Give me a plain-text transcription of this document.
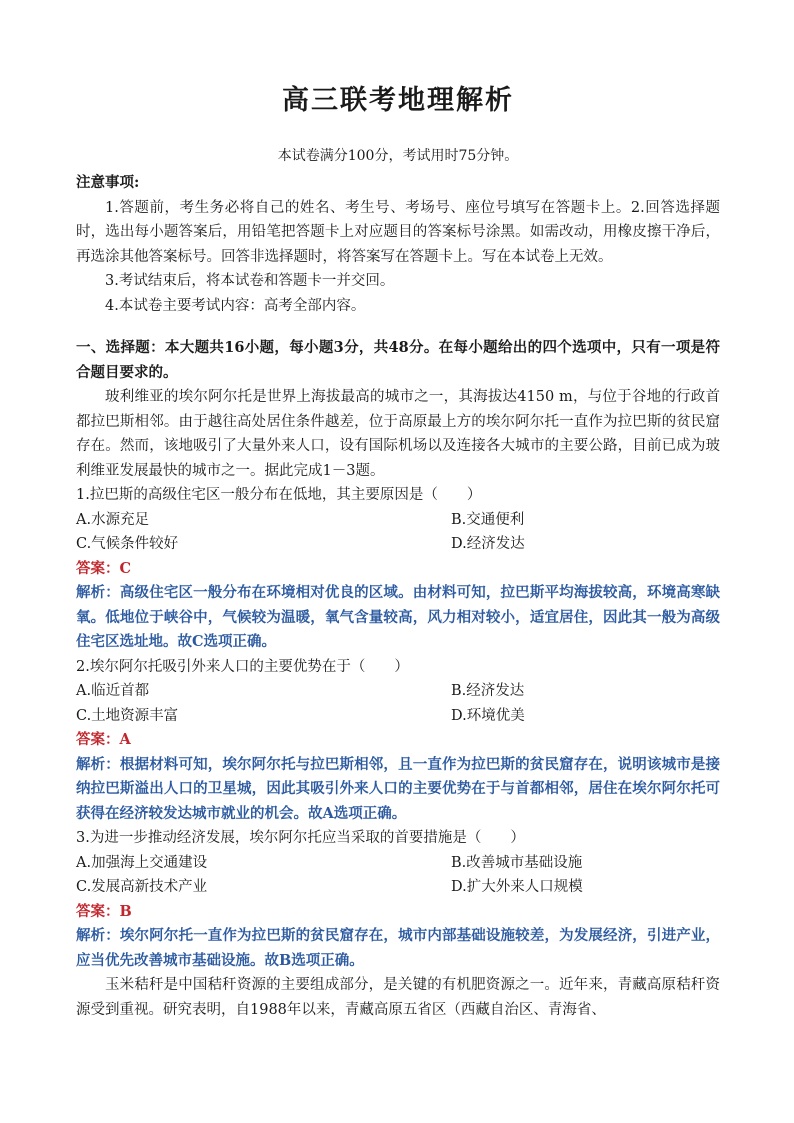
高三联考地理解析
本试卷满分100分，考试用时75分钟。

注意事项:

1.答题前，考生务必将自己的姓名、考生号、考场号、座位号填写在答题卡上。2.回答选择题时，选出每小题答案后，用铅笔把答题卡上对应题目的答案标号涂黑。如需改动，用橡皮擦干净后，再选涂其他答案标号。回答非选择题时，将答案写在答题卡上。写在本试卷上无效。

3.考试结束后，将本试卷和答题卡一并交回。

4.本试卷主要考试内容：高考全部内容。

一、选择题：本大题共16小题，每小题3分，共48分。在每小题给出的四个选项中，只有一项是符合题目要求的。

玻利维亚的埃尔阿尔托是世界上海拔最高的城市之一，其海拔达4150 m，与位于谷地的行政首都拉巴斯相邻。由于越往高处居住条件越差，位于高原最上方的埃尔阿尔托一直作为拉巴斯的贫民窟存在。然而，该地吸引了大量外来人口，设有国际机场以及连接各大城市的主要公路，目前已成为玻利维亚发展最快的城市之一。据此完成1－3题。

1.拉巴斯的高级住宅区一般分布在低地，其主要原因是（　　）

A.水源充足	B.交通便利
C.气候条件较好	D.经济发达
答案：C
解析：高级住宅区一般分布在环境相对优良的区域。由材料可知，拉巴斯平均海拔较高，环境高寒缺氧。低地位于峡谷中，气候较为温暖，氧气含量较高，风力相对较小，适宜居住，因此其一般为高级住宅区选址地。故C选项正确。

2.埃尔阿尔托吸引外来人口的主要优势在于（　　）

A.临近首都	B.经济发达
C.土地资源丰富	D.环境优美
答案：A
解析：根据材料可知，埃尔阿尔托与拉巴斯相邻，且一直作为拉巴斯的贫民窟存在，说明该城市是接纳拉巴斯溢出人口的卫星城，因此其吸引外来人口的主要优势在于与首都相邻，居住在埃尔阿尔托可获得在经济较发达城市就业的机会。故A选项正确。

3.为进一步推动经济发展，埃尔阿尔托应当采取的首要措施是（　　）

A.加强海上交通建设	B.改善城市基础设施
C.发展高新技术产业	D.扩大外来人口规模
答案：B
解析：埃尔阿尔托一直作为拉巴斯的贫民窟存在，城市内部基础设施较差，为发展经济，引进产业，应当优先改善城市基础设施。故B选项正确。

玉米秸秆是中国秸秆资源的主要组成部分，是关键的有机肥资源之一。近年来，青藏高原秸秆资源受到重视。研究表明，自1988年以来，青藏高原五省区（西藏自治区、青海省、
